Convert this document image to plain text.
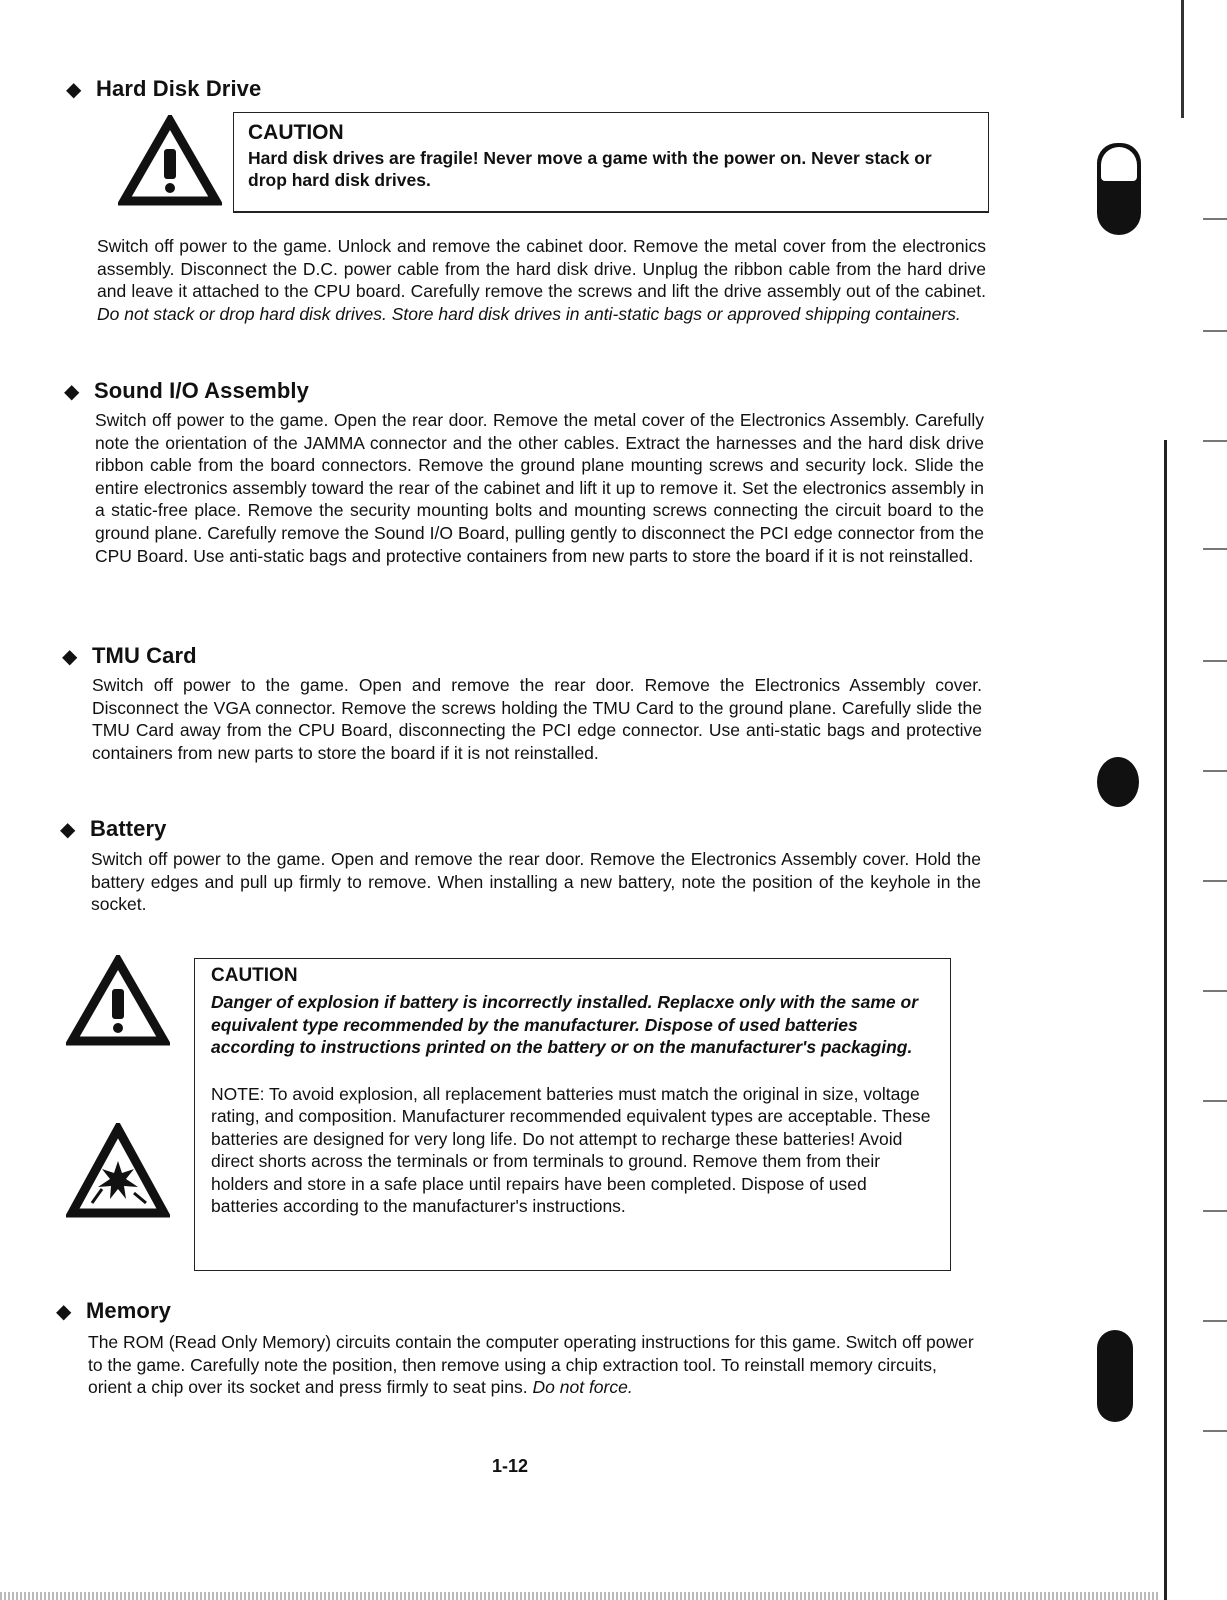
◆ Hard Disk Drive

CAUTION

Hard disk drives are fragile! Never move a game with the power on. Never stack or drop hard disk drives.

Switch off power to the game. Unlock and remove the cabinet door. Remove the metal cover from the electronics assembly. Disconnect the D.C. power cable from the hard disk drive. Unplug the ribbon cable from the hard drive and leave it attached to the CPU board. Carefully remove the screws and lift the drive assembly out of the cabinet. Do not stack or drop hard disk drives. Store hard disk drives in anti-static bags or approved shipping containers.

◆ Sound I/O Assembly

Switch off power to the game. Open the rear door. Remove the metal cover of the Electronics Assembly. Carefully note the orientation of the JAMMA connector and the other cables. Extract the harnesses and the hard disk drive ribbon cable from the board connectors. Remove the ground plane mounting screws and security lock. Slide the entire electronics assembly toward the rear of the cabinet and lift it up to remove it. Set the electronics assembly in a static-free place. Remove the security mounting bolts and mounting screws connecting the circuit board to the ground plane. Carefully remove the Sound I/O Board, pulling gently to disconnect the PCI edge connector from the CPU Board. Use anti-static bags and protective containers from new parts to store the board if it is not reinstalled.

◆ TMU Card

Switch off power to the game. Open and remove the rear door. Remove the Electronics Assembly cover. Disconnect the VGA connector. Remove the screws holding the TMU Card to the ground plane. Carefully slide the TMU Card away from the CPU Board, disconnecting the PCI edge connector. Use anti-static bags and protective containers from new parts to store the board if it is not reinstalled.

◆ Battery

Switch off power to the game. Open and remove the rear door. Remove the Electronics Assembly cover. Hold the battery edges and pull up firmly to remove. When installing a new battery, note the position of the keyhole in the socket.

CAUTION

Danger of explosion if battery is incorrectly installed. Replacxe only with the same or equivalent type recommended by the manufacturer. Dispose of used batteries according to instructions printed on the battery or on the manufacturer's packaging.

NOTE: To avoid explosion, all replacement batteries must match the original in size, voltage rating, and composition. Manufacturer recommended equivalent types are acceptable. These batteries are designed for very long life. Do not attempt to recharge these batteries! Avoid direct shorts across the terminals or from terminals to ground. Remove them from their holders and store in a safe place until repairs have been completed. Dispose of used batteries according to the manufacturer's instructions.

◆ Memory

The ROM (Read Only Memory) circuits contain the computer operating instructions for this game. Switch off power to the game. Carefully note the position, then remove using a chip extraction tool. To reinstall memory circuits, orient a chip over its socket and press firmly to seat pins. Do not force.

1-12
